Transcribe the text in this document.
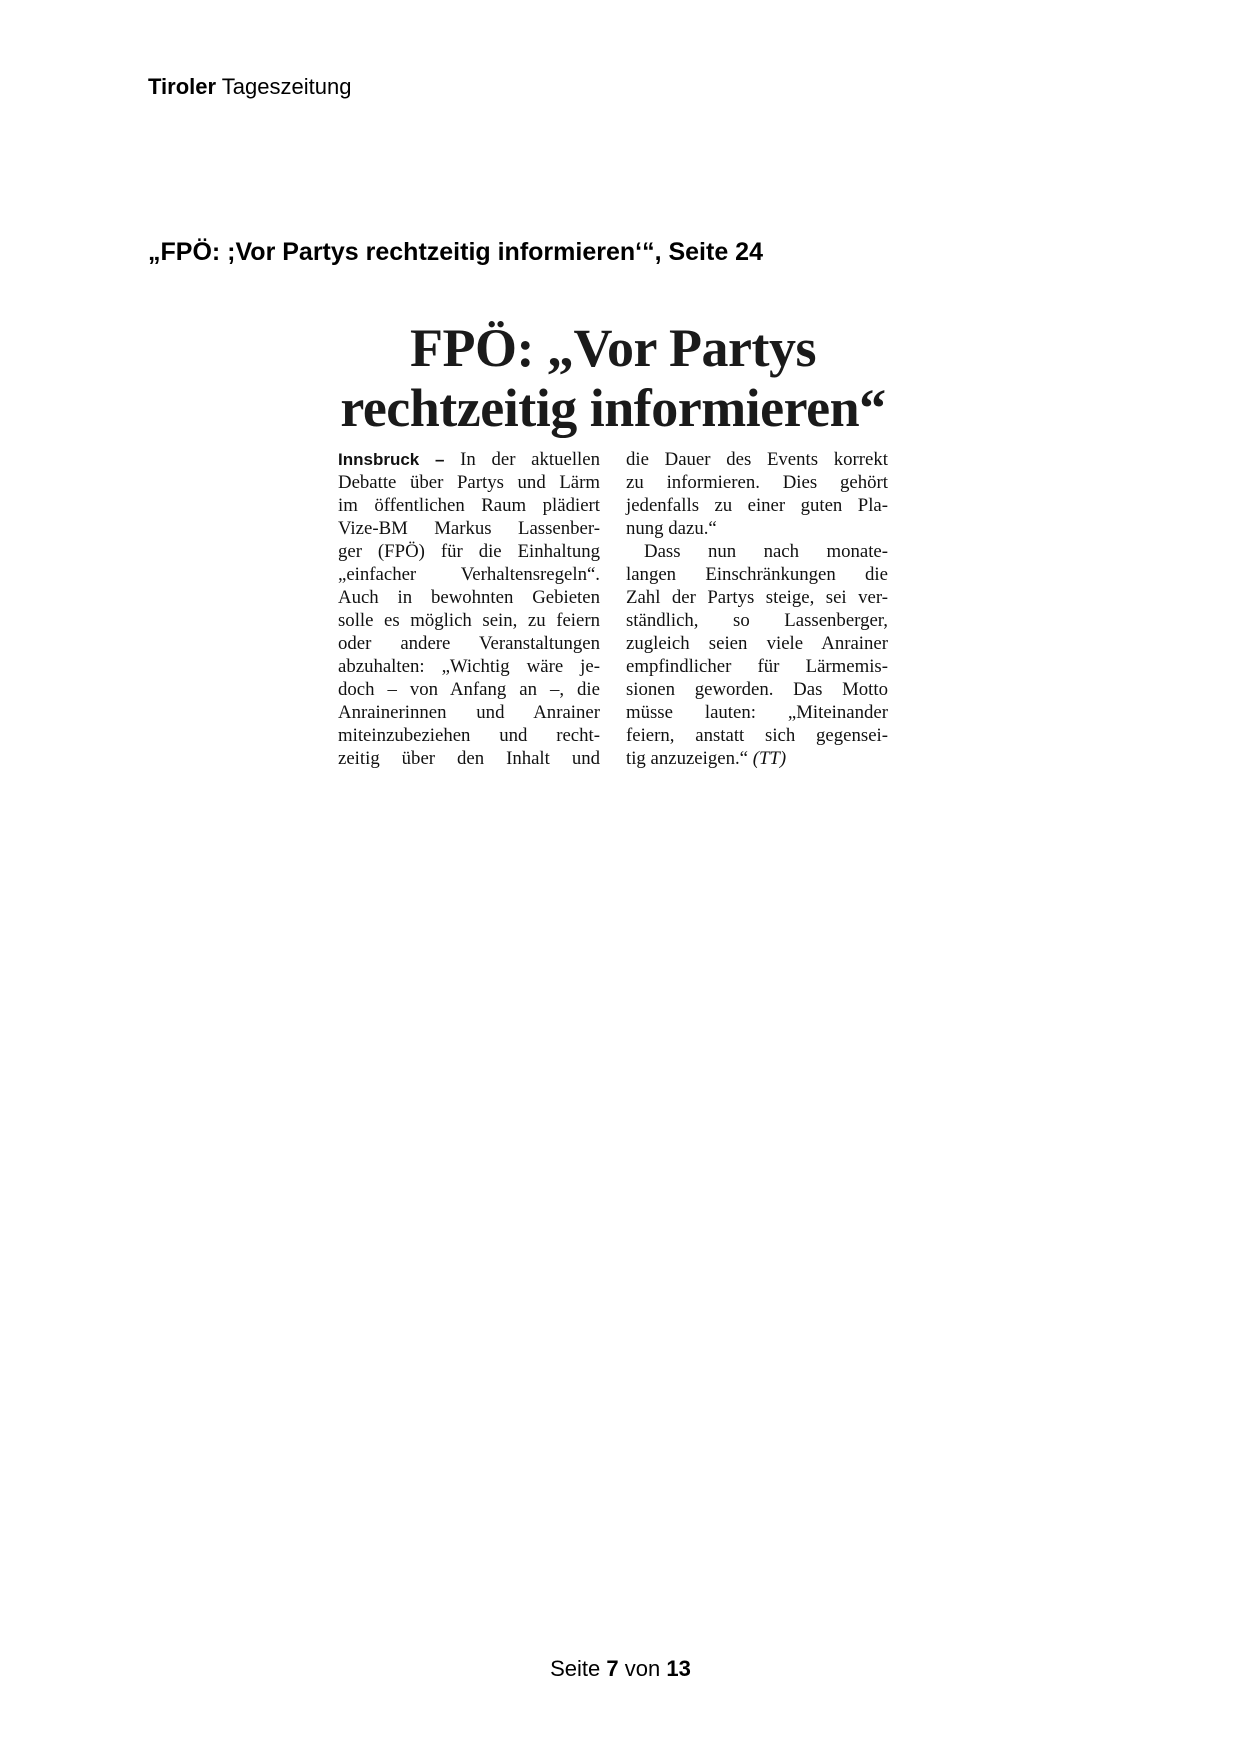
Tiroler Tageszeitung
„FPÖ: ;Vor Partys rechtzeitig informieren‘“, Seite 24
FPÖ: „Vor Partys
rechtzeitig informieren“
Innsbruck – In der aktuellen
Debatte über Partys und Lärm
im öffentlichen Raum plädiert
Vize-BM Markus Lassenber-
ger (FPÖ) für die Einhaltung
„einfacher Verhaltensregeln“.
Auch in bewohnten Gebieten
solle es möglich sein, zu feiern
oder andere Veranstaltungen
abzuhalten: „Wichtig wäre je-
doch – von Anfang an –, die
Anrainerinnen und Anrainer
miteinzubeziehen und recht-
zeitig über den Inhalt und
die Dauer des Events korrekt
zu informieren. Dies gehört
jedenfalls zu einer guten Pla-
nung dazu.“
Dass nun nach monate-
langen Einschränkungen die
Zahl der Partys steige, sei ver-
ständlich, so Lassenberger,
zugleich seien viele Anrainer
empfindlicher für Lärmemis-
sionen geworden. Das Motto
müsse lauten: „Miteinander
feiern, anstatt sich gegensei-
tig anzuzeigen.“ (TT)
Seite 7 von 13
